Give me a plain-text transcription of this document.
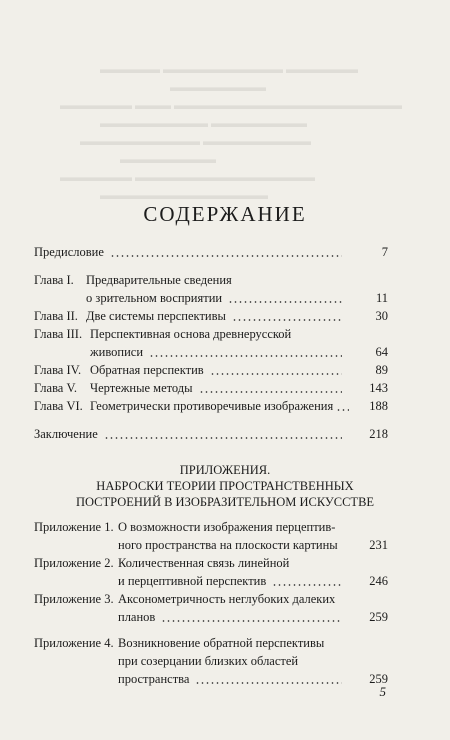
▬▬▬▬▬ ▬▬▬▬▬▬▬▬▬▬ ▬▬▬▬▬▬
▬▬▬▬▬▬▬▬
▬▬▬▬▬▬ ▬▬▬ ▬▬▬▬▬▬▬▬▬▬▬▬▬▬▬▬▬▬▬
▬▬▬▬▬▬▬▬▬ ▬▬▬▬▬▬▬▬
▬▬▬▬▬▬▬▬▬▬ ▬▬▬▬▬▬▬▬▬
▬▬▬▬▬▬▬▬
▬▬▬▬▬▬ ▬▬▬▬▬▬▬▬▬▬▬▬▬▬▬
▬▬▬▬▬▬▬▬▬▬▬▬▬▬
СОДЕРЖАНИЕ
Предисловие	7
Глава I. Предварительные сведения
о зрительном восприятии	11
Глава II. Две системы перспективы	30
Глава III. Перспективная основа древнерусской
живописи	64
Глава IV. Обратная перспектив	89
Глава V. Чертежные методы	143
Глава VI. Геометрически противоречивые изображения	188
Заключение	218
ПРИЛОЖЕНИЯ.
НАБРОСКИ ТЕОРИИ ПРОСТРАНСТВЕННЫХ
ПОСТРОЕНИЙ В ИЗОБРАЗИТЕЛЬНОМ ИСКУССТВЕ
Приложение 1. О возможности изображения перцептив-
ного пространства на плоскости картины	231
Приложение 2. Количественная связь линейной
и перцептивной перспектив	246
Приложение 3. Аксонометричность неглубоких далеких
планов	259
Приложение 4. Возникновение обратной перспективы
при созерцании близких областей
пространства	259
5
